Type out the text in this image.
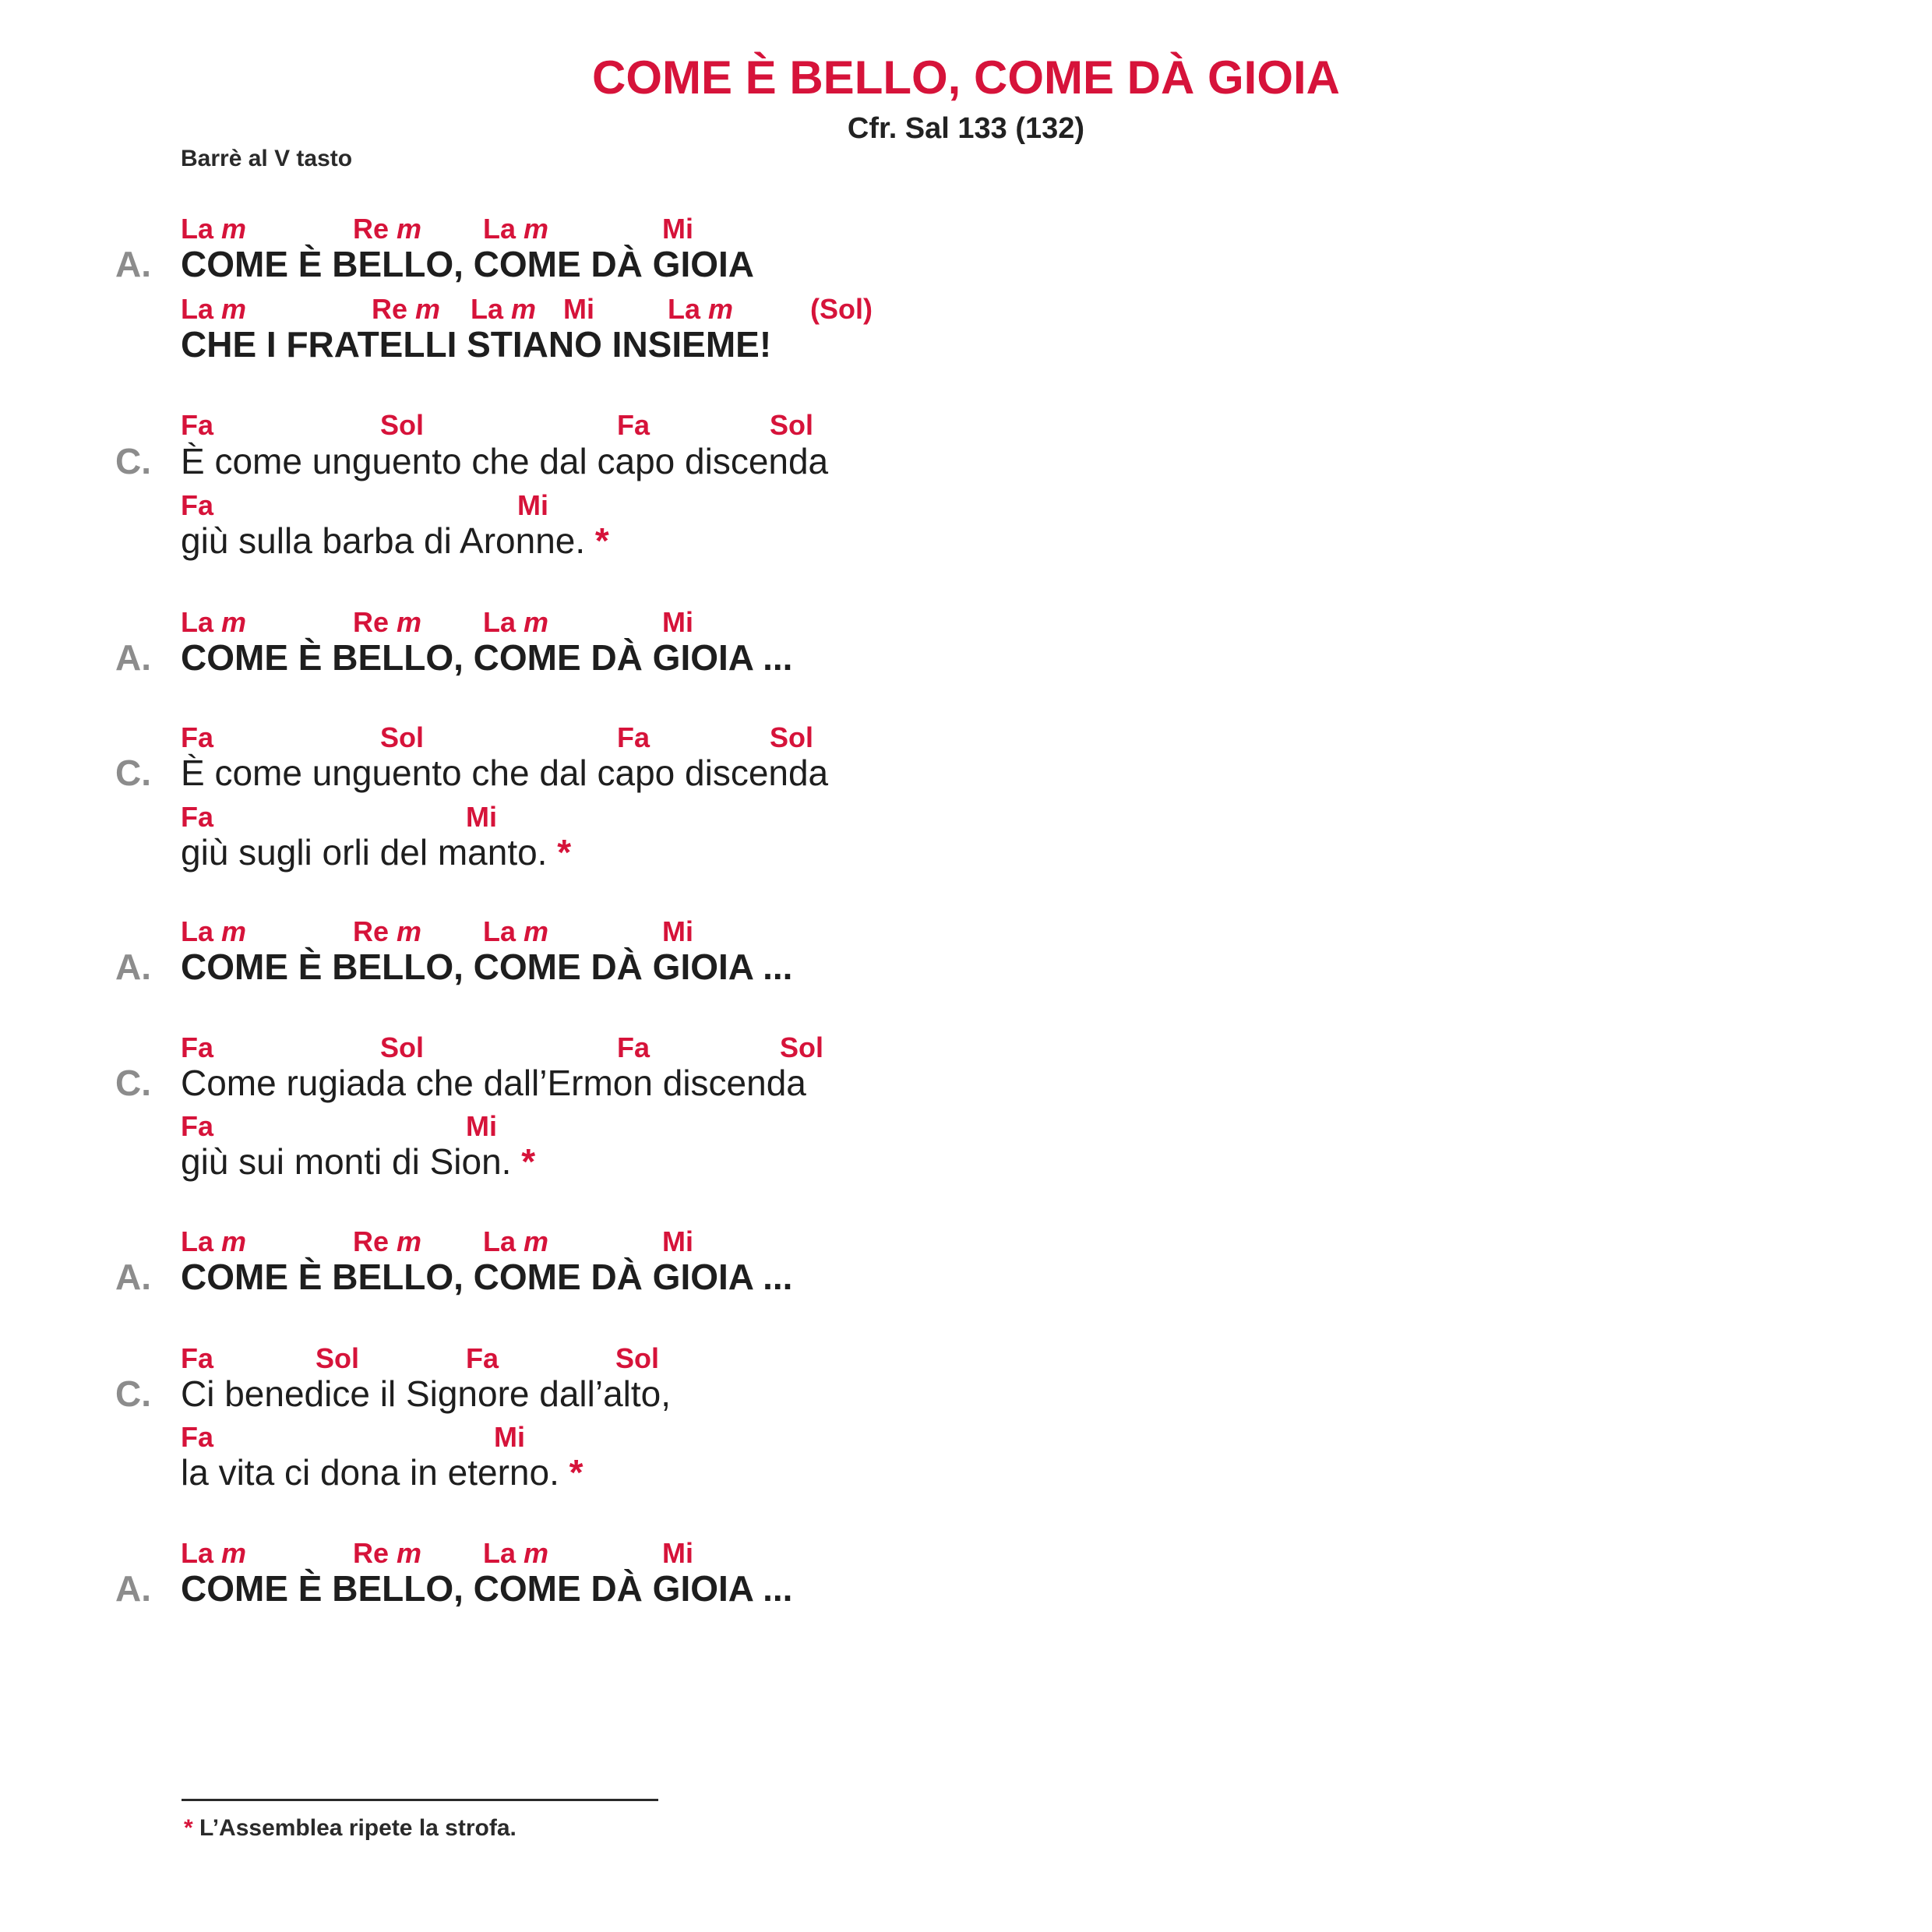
COME È BELLO, COME DÀ GIOIA
Cfr. Sal 133 (132)
Barrè al V tasto
La m	Re m La m	Mi
A. COME È BELLO, COME DÀ GIOIA
La m	Re m La m Mi	La m	(Sol)
CHE I FRATELLI STIANO INSIEME!
Fa	Sol	Fa	Sol
C. È come unguento che dal capo discenda
Fa	Mi
giù sulla barba di Aronne. *
La m	Re m La m	Mi
A. COME È BELLO, COME DÀ GIOIA ...
Fa	Sol	Fa	Sol
C. È come unguento che dal capo discenda
Fa	Mi
giù sugli orli del manto. *
La m	Re m La m	Mi
A. COME È BELLO, COME DÀ GIOIA ...
Fa	Sol	Fa	Sol
C. Come rugiada che dall’Ermon discenda
Fa	Mi
giù sui monti di Sion. *
La m	Re m La m	Mi
A. COME È BELLO, COME DÀ GIOIA ...
Fa	Sol	Fa	Sol
C. Ci benedice il Signore dall’alto,
Fa	Mi
la vita ci dona in eterno. *
La m	Re m La m	Mi
A. COME È BELLO, COME DÀ GIOIA ...
* L’Assemblea ripete la strofa.
